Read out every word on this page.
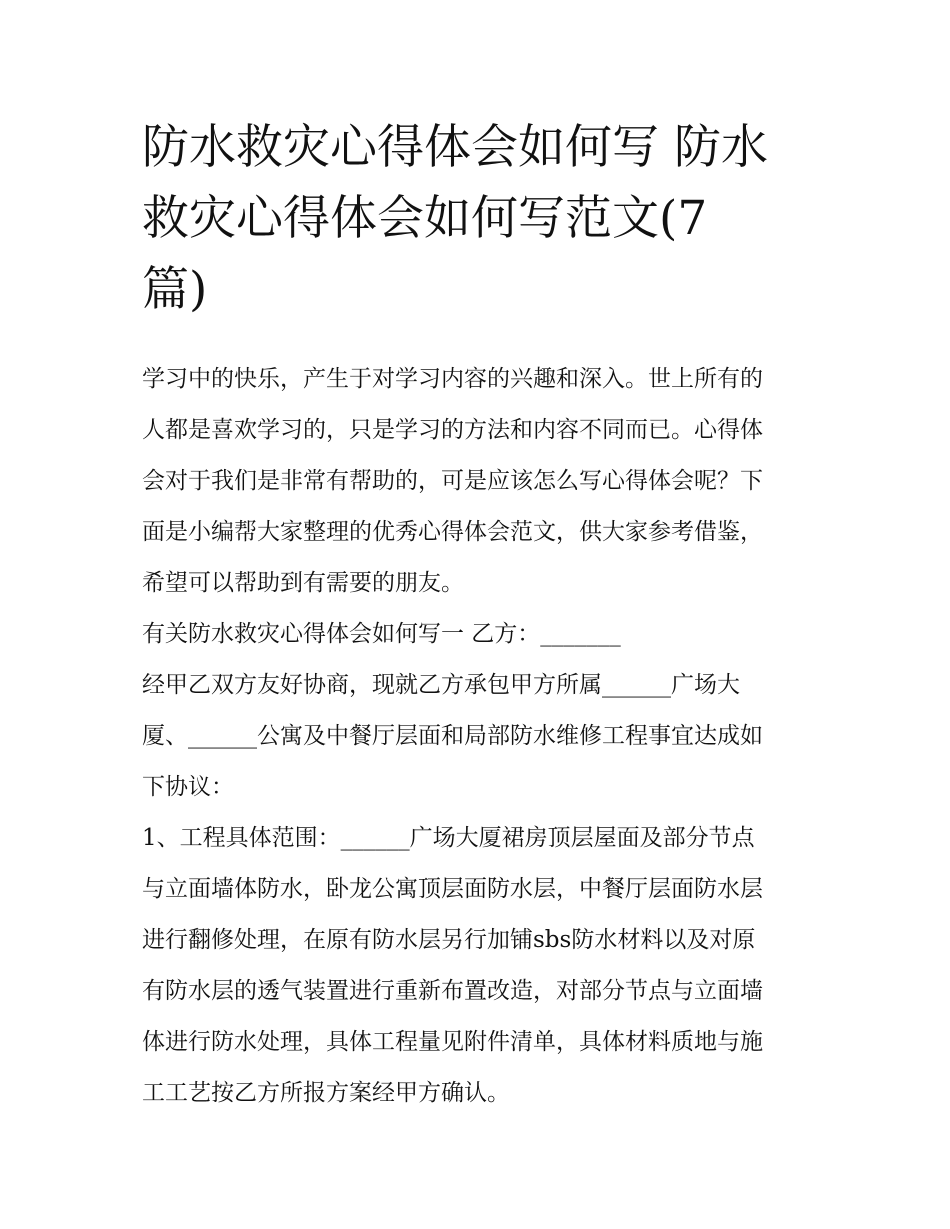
防水救灾心得体会如何写 防水
救灾心得体会如何写范文(7
篇)

学习中的快乐，产生于对学习内容的兴趣和深入。世上所有的
人都是喜欢学习的，只是学习的方法和内容不同而已。心得体
会对于我们是非常有帮助的，可是应该怎么写心得体会呢？下
面是小编帮大家整理的优秀心得体会范文，供大家参考借鉴，
希望可以帮助到有需要的朋友。

有关防水救灾心得体会如何写一 乙方：_______

经甲乙双方友好协商，现就乙方承包甲方所属______广场大
厦、______公寓及中餐厅层面和局部防水维修工程事宜达成如
下协议：

1、工程具体范围：______广场大厦裙房顶层屋面及部分节点
与立面墙体防水，卧龙公寓顶层面防水层，中餐厅层面防水层
进行翻修处理，在原有防水层另行加铺sbs防水材料以及对原
有防水层的透气装置进行重新布置改造，对部分节点与立面墙
体进行防水处理，具体工程量见附件清单，具体材料质地与施
工工艺按乙方所报方案经甲方确认。
